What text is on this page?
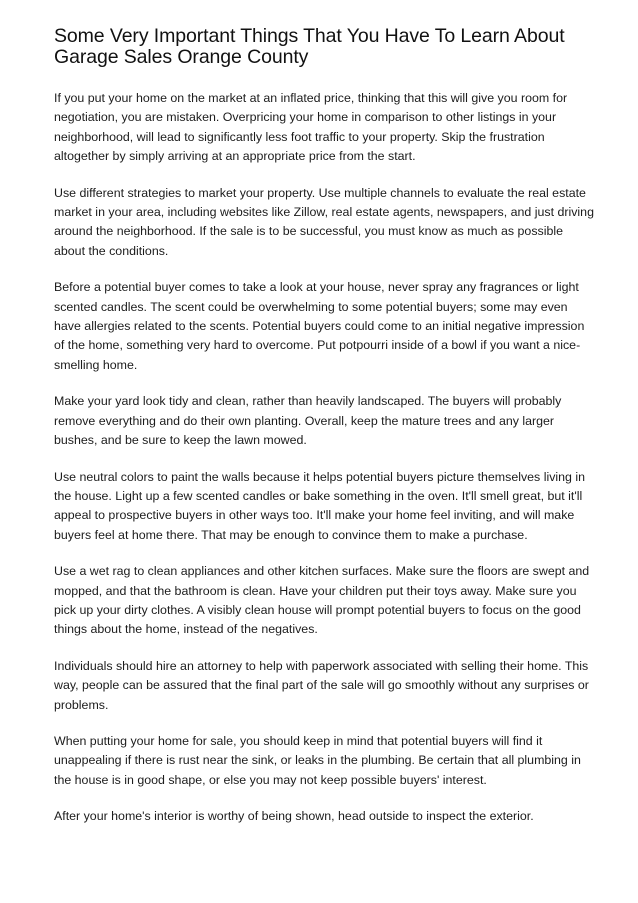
Some Very Important Things That You Have To Learn About Garage Sales Orange County

If you put your home on the market at an inflated price, thinking that this will give you room for negotiation, you are mistaken. Overpricing your home in comparison to other listings in your neighborhood, will lead to significantly less foot traffic to your property. Skip the frustration altogether by simply arriving at an appropriate price from the start.

Use different strategies to market your property. Use multiple channels to evaluate the real estate market in your area, including websites like Zillow, real estate agents, newspapers, and just driving around the neighborhood. If the sale is to be successful, you must know as much as possible about the conditions.

Before a potential buyer comes to take a look at your house, never spray any fragrances or light scented candles. The scent could be overwhelming to some potential buyers; some may even have allergies related to the scents. Potential buyers could come to an initial negative impression of the home, something very hard to overcome. Put potpourri inside of a bowl if you want a nice-smelling home.

Make your yard look tidy and clean, rather than heavily landscaped. The buyers will probably remove everything and do their own planting. Overall, keep the mature trees and any larger bushes, and be sure to keep the lawn mowed.

Use neutral colors to paint the walls because it helps potential buyers picture themselves living in the house. Light up a few scented candles or bake something in the oven. It'll smell great, but it'll appeal to prospective buyers in other ways too. It'll make your home feel inviting, and will make buyers feel at home there. That may be enough to convince them to make a purchase.

Use a wet rag to clean appliances and other kitchen surfaces. Make sure the floors are swept and mopped, and that the bathroom is clean. Have your children put their toys away. Make sure you pick up your dirty clothes. A visibly clean house will prompt potential buyers to focus on the good things about the home, instead of the negatives.

Individuals should hire an attorney to help with paperwork associated with selling their home. This way, people can be assured that the final part of the sale will go smoothly without any surprises or problems.

When putting your home for sale, you should keep in mind that potential buyers will find it unappealing if there is rust near the sink, or leaks in the plumbing. Be certain that all plumbing in the house is in good shape, or else you may not keep possible buyers' interest.

After your home's interior is worthy of being shown, head outside to inspect the exterior.
